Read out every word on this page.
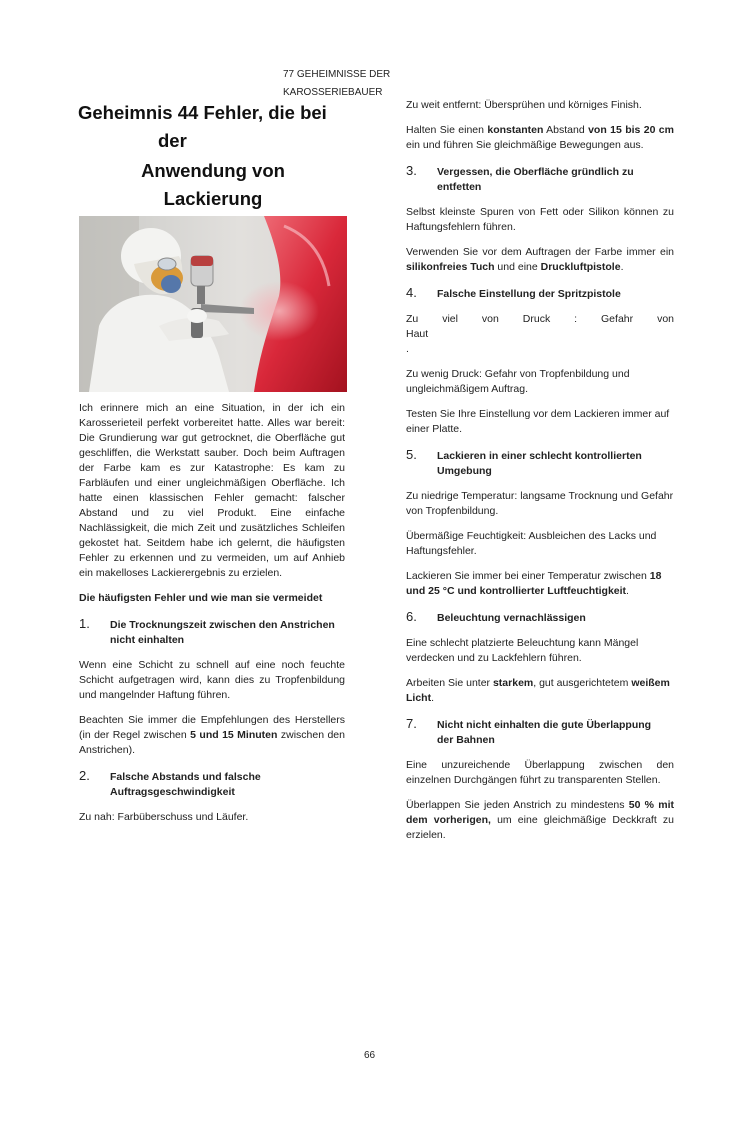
77 GEHEIMNISSE DER KAROSSERIEBAUER
Geheimnis 44 Fehler, die bei
der
Anwendung von
Lackierung

Ich erinnere mich an eine Situation, in der ich ein Karosserieteil perfekt vorbereitet hatte. Alles war bereit: Die Grundierung war gut getrocknet, die Oberfläche gut geschliffen, die Werkstatt sauber. Doch beim Auftragen der Farbe kam es zur Katastrophe: Es kam zu Farbläufen und einer ungleichmäßigen Oberfläche. Ich hatte einen klassischen Fehler gemacht: falscher Abstand und zu viel Produkt. Eine einfache Nachlässigkeit, die mich Zeit und zusätzliches Schleifen gekostet hat. Seitdem habe ich gelernt, die häufigsten Fehler zu erkennen und zu vermeiden, um auf Anhieb ein makelloses Lackierergebnis zu erzielen.

Die häufigsten Fehler und wie man sie vermeidet
1.	Die Trocknungszeit zwischen den Anstrichen nicht einhalten

Wenn eine Schicht zu schnell auf eine noch feuchte Schicht aufgetragen wird, kann dies zu Tropfenbildung und mangelnder Haftung führen.

Beachten Sie immer die Empfehlungen des Herstellers (in der Regel zwischen 5 und 15 Minuten zwischen den Anstrichen).

2.	Falsche Abstands und falsche Auftragsgeschwindigkeit

Zu nah: Farbüberschuss und Läufer.

Zu weit entfernt: Übersprühen und körniges Finish.

Halten Sie einen konstanten Abstand von 15 bis 20 cm ein und führen Sie gleichmäßige Bewegungen aus.

3.	Vergessen, die Oberfläche gründlich zu entfetten

Selbst kleinste Spuren von Fett oder Silikon können zu Haftungsfehlern führen.

Verwenden Sie vor dem Auftragen der Farbe immer ein silikonfreies Tuch und eine Druckluftpistole.

4.	Falsche Einstellung der Spritzpistole

Zu viel von Druck : Gefahr von Haut
.

Zu wenig Druck: Gefahr von Tropfenbildung und ungleichmäßigem Auftrag.

Testen Sie Ihre Einstellung vor dem Lackieren immer auf einer Platte.

5.	Lackieren in einer schlecht kontrollierten Umgebung

Zu niedrige Temperatur: langsame Trocknung und Gefahr von Tropfenbildung.

Übermäßige Feuchtigkeit: Ausbleichen des Lacks und Haftungsfehler.

Lackieren Sie immer bei einer Temperatur zwischen 18 und 25 °C und kontrollierter Luftfeuchtigkeit.

6.	Beleuchtung vernachlässigen

Eine schlecht platzierte Beleuchtung kann Mängel verdecken und zu Lackfehlern führen.

Arbeiten Sie unter starkem, gut ausgerichtetem weißem Licht.

7.	Nicht nicht einhalten die gute Überlappung der Bahnen

Eine unzureichende Überlappung zwischen den einzelnen Durchgängen führt zu transparenten Stellen.

Überlappen Sie jeden Anstrich zu mindestens 50 % mit dem vorherigen, um eine gleichmäßige Deckkraft zu erzielen.

66
